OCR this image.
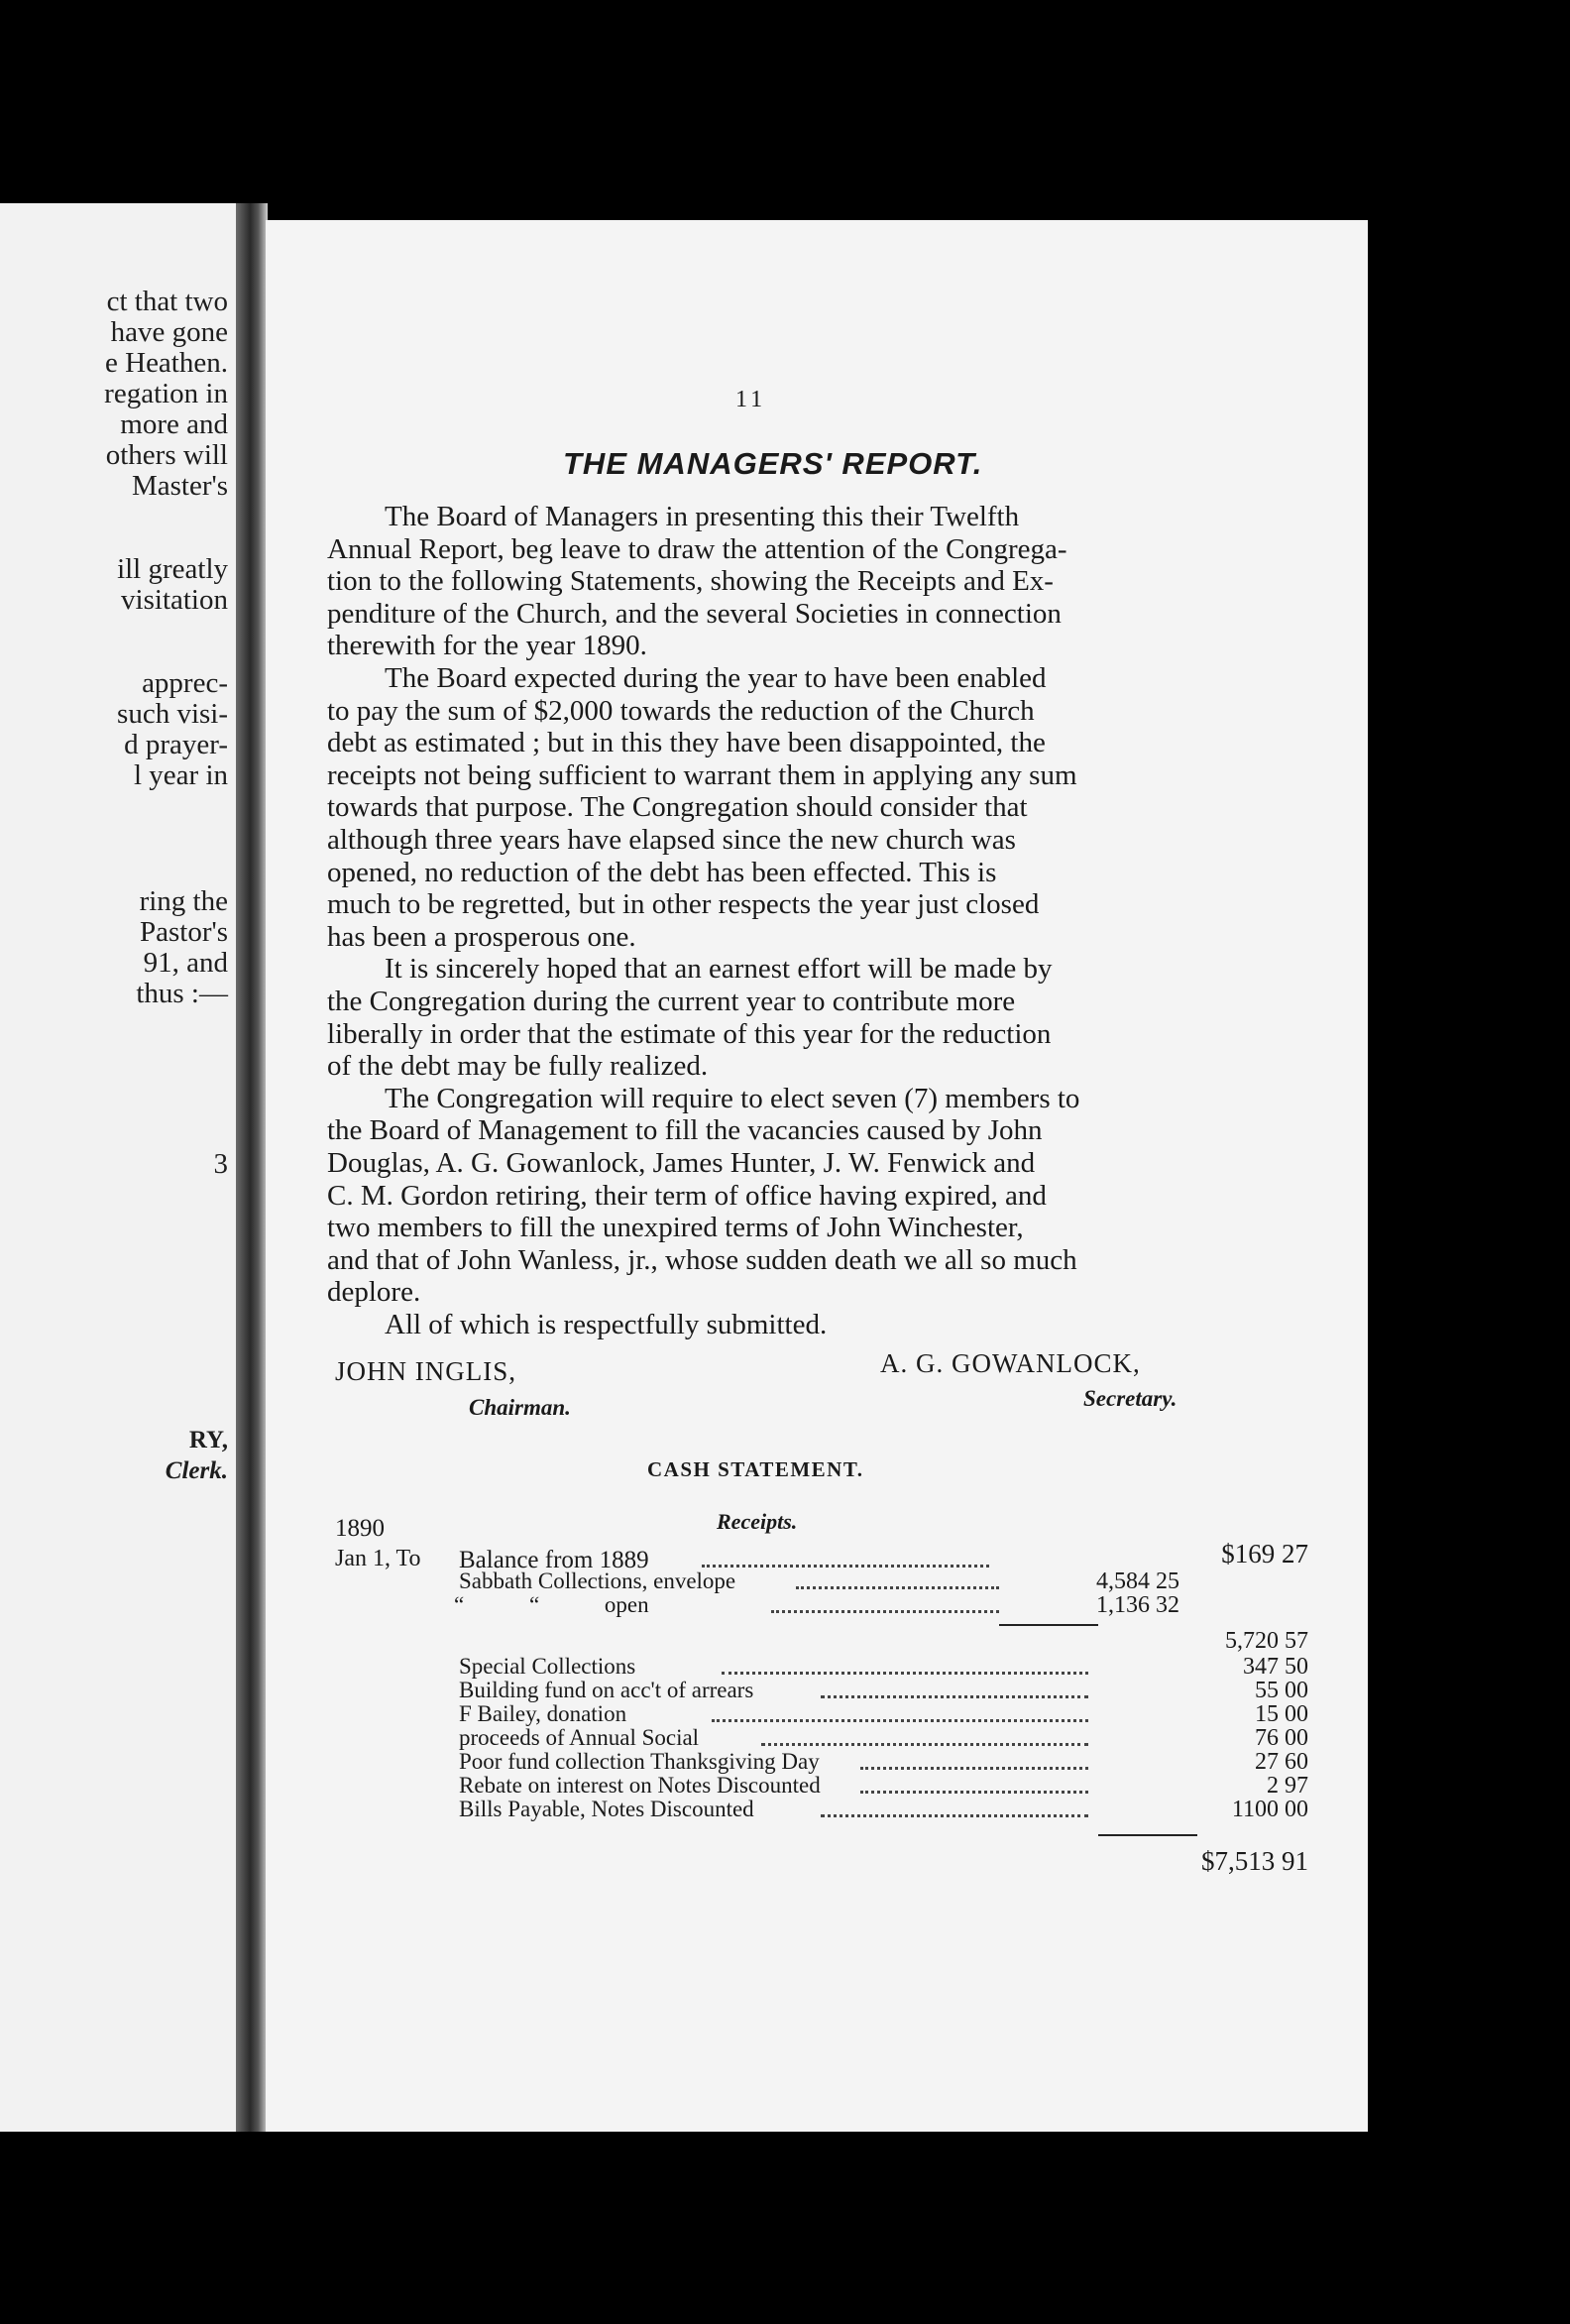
ct that two
have gone
e Heathen.
regation in
more and
others will
Master's
ill greatly
visitation
apprec-
such visi-
d prayer-
l year in
ring the
Pastor's
91, and
thus :—
3
RY,
Clerk.
11
THE MANAGERS' REPORT.
The Board of Managers in presenting this their Twelfth
Annual Report, beg leave to draw the attention of the Congrega-
tion to the following Statements, showing the Receipts and Ex-
penditure of the Church, and the several Societies in connection
therewith for the year 1890.
The Board expected during the year to have been enabled
to pay the sum of $2,000 towards the reduction of the Church
debt as estimated ; but in this they have been disappointed, the
receipts not being sufficient to warrant them in applying any sum
towards that purpose. The Congregation should consider that
although three years have elapsed since the new church was
opened, no reduction of the debt has been effected. This is
much to be regretted, but in other respects the year just closed
has been a prosperous one.
It is sincerely hoped that an earnest effort will be made by
the Congregation during the current year to contribute more
liberally in order that the estimate of this year for the reduction
of the debt may be fully realized.
The Congregation will require to elect seven (7) members to
the Board of Management to fill the vacancies caused by John
Douglas, A. G. Gowanlock, James Hunter, J. W. Fenwick and
C. M. Gordon retiring, their term of office having expired, and
two members to fill the unexpired terms of John Winchester,
and that of John Wanless, jr., whose sudden death we all so much
deplore.
All of which is respectfully submitted.
JOHN INGLIS,
Chairman.
A. G. GOWANLOCK,
Secretary.
CASH STATEMENT.
1890	Receipts.
Jan 1, To Balance from 1889	$169 27
Sabbath Collections, envelope	4,584 25
“ “ open	1,136 32
5,720 57
Special Collections	347 50
Building fund on acc't of arrears	55 00
F Bailey, donation	15 00
proceeds of Annual Social	76 00
Poor fund collection Thanksgiving Day	27 60
Rebate on interest on Notes Discounted	2 97
Bills Payable, Notes Discounted	1100 00
$7,513 91
